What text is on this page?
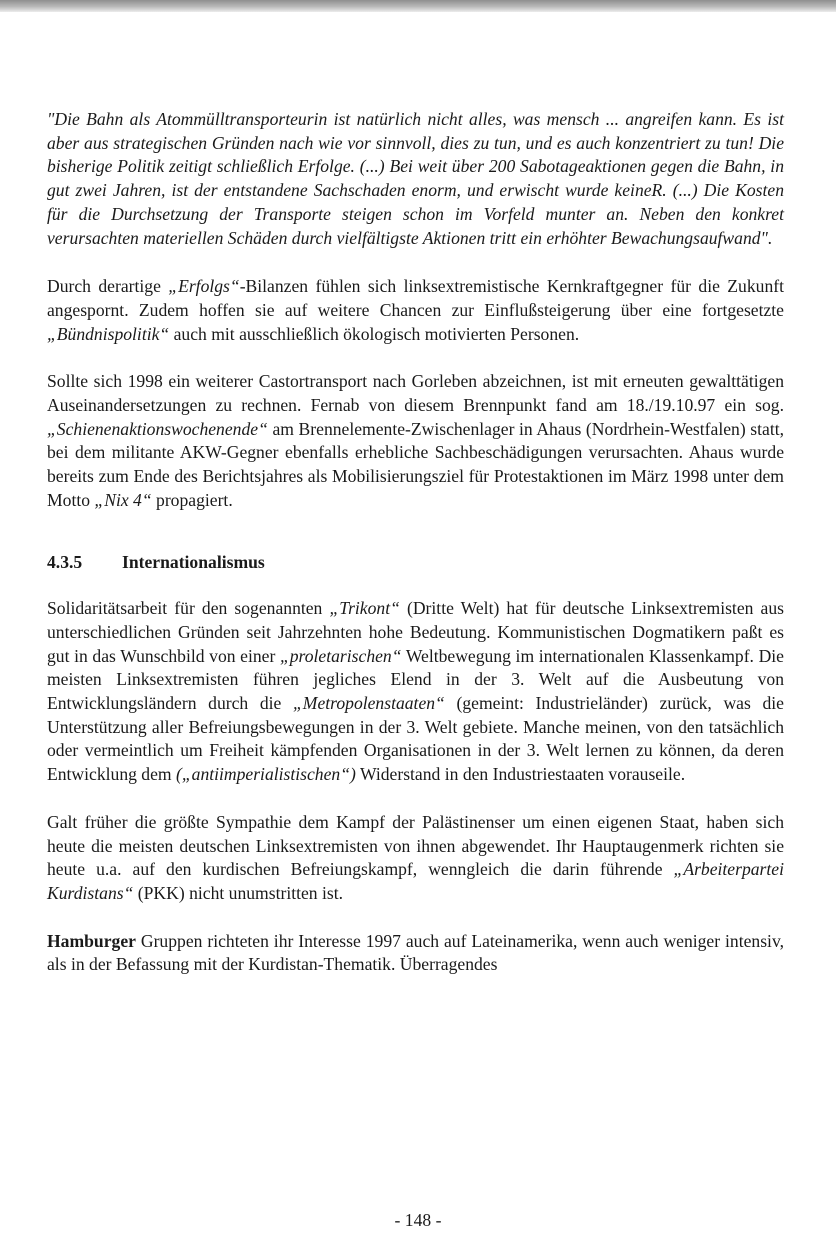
"Die Bahn als Atommülltransporteurin ist natürlich nicht alles, was mensch ... angreifen kann. Es ist aber aus strategischen Gründen nach wie vor sinnvoll, dies zu tun, und es auch konzentriert zu tun! Die bisherige Politik zeitigt schließlich Erfolge. (...) Bei weit über 200 Sabotageaktionen gegen die Bahn, in gut zwei Jahren, ist der entstandene Sachschaden enorm, und erwischt wurde keineR. (...) Die Kosten für die Durchsetzung der Transporte steigen schon im Vorfeld munter an. Neben den konkret verursachten materiellen Schäden durch vielfältigste Aktionen tritt ein erhöhter Bewachungsaufwand".

Durch derartige „Erfolgs“-Bilanzen fühlen sich linksextremistische Kernkraftgegner für die Zukunft angespornt. Zudem hoffen sie auf weitere Chancen zur Einflußsteigerung über eine fortgesetzte „Bündnispolitik“ auch mit ausschließlich ökologisch motivierten Personen.

Sollte sich 1998 ein weiterer Castortransport nach Gorleben abzeichnen, ist mit erneuten gewalttätigen Auseinandersetzungen zu rechnen. Fernab von diesem Brennpunkt fand am 18./19.10.97 ein sog. „Schienenaktionswochenende“ am Brennelemente-Zwischenlager in Ahaus (Nordrhein-Westfalen) statt, bei dem militante AKW-Gegner ebenfalls erhebliche Sachbeschädigungen verursachten. Ahaus wurde bereits zum Ende des Berichtsjahres als Mobilisierungsziel für Protestaktionen im März 1998 unter dem Motto „Nix 4“ propagiert.

4.3.5	Internationalismus

Solidaritätsarbeit für den sogenannten „Trikont“ (Dritte Welt) hat für deutsche Linksextremisten aus unterschiedlichen Gründen seit Jahrzehnten hohe Bedeutung. Kommunistischen Dogmatikern paßt es gut in das Wunschbild von einer „proletarischen“ Weltbewegung im internationalen Klassenkampf. Die meisten Linksextremisten führen jegliches Elend in der 3. Welt auf die Ausbeutung von Entwicklungsländern durch die „Metropolenstaaten“ (gemeint: Industrieländer) zurück, was die Unterstützung aller Befreiungsbewegungen in der 3. Welt gebiete. Manche meinen, von den tatsächlich oder vermeintlich um Freiheit kämpfenden Organisationen in der 3. Welt lernen zu können, da deren Entwicklung dem („antiimperialistischen“) Widerstand in den Industriestaaten vorauseile.

Galt früher die größte Sympathie dem Kampf der Palästinenser um einen eigenen Staat, haben sich heute die meisten deutschen Linksextremisten von ihnen abgewendet. Ihr Hauptaugenmerk richten sie heute u.a. auf den kurdischen Befreiungskampf, wenngleich die darin führende „Arbeiterpartei Kurdistans“ (PKK) nicht unumstritten ist.

Hamburger Gruppen richteten ihr Interesse 1997 auch auf Lateinamerika, wenn auch weniger intensiv, als in der Befassung mit der Kurdistan-Thematik. Überragendes

- 148 -
